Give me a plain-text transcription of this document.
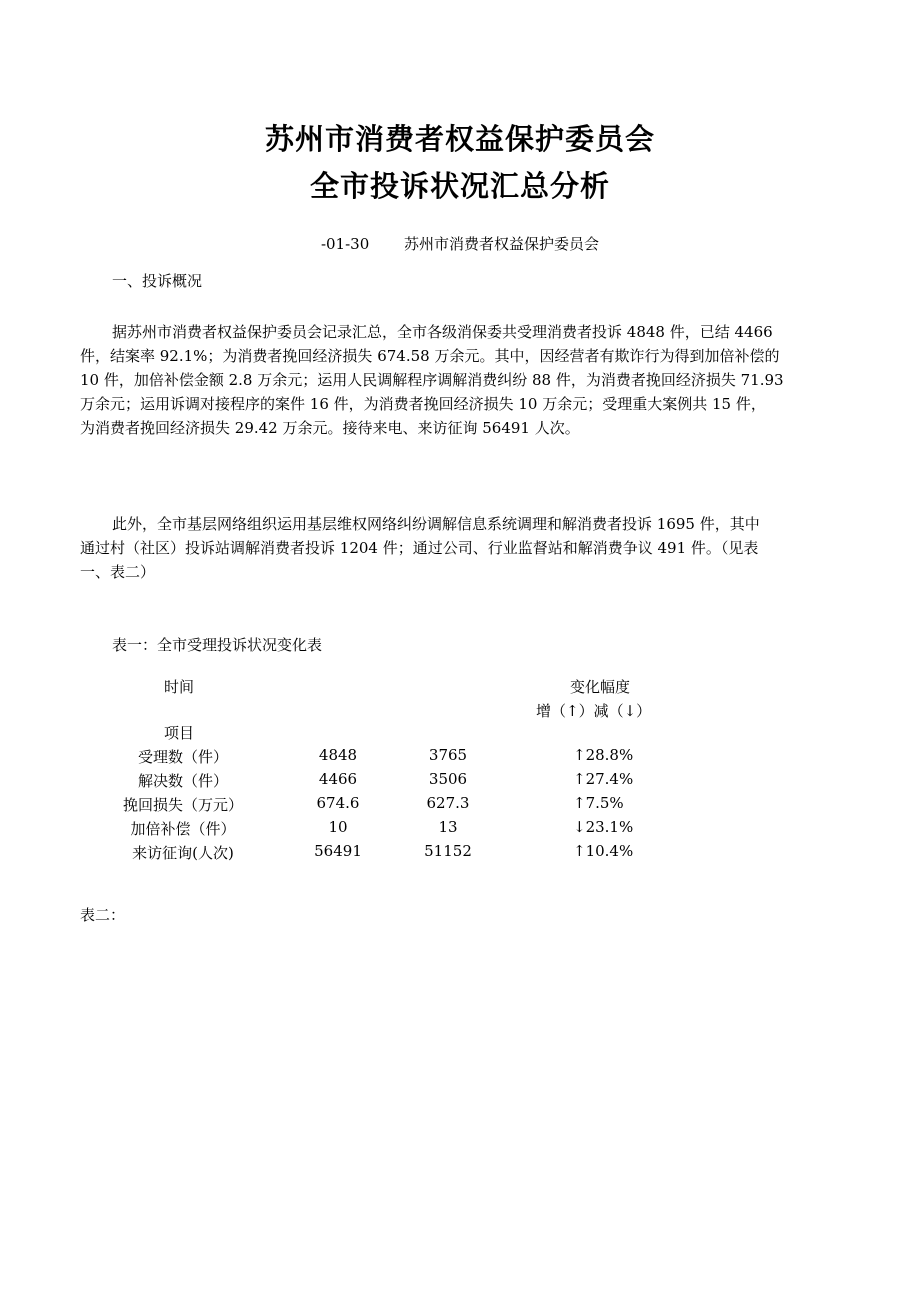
苏州市消费者权益保护委员会
全市投诉状况汇总分析
-01-30 苏州市消费者权益保护委员会
一、投诉概况
据苏州市消费者权益保护委员会记录汇总，全市各级消保委共受理消费者投诉 4848 件，已结 4466
件，结案率 92.1%；为消费者挽回经济损失 674.58 万余元。其中，因经营者有欺诈行为得到加倍补偿的
10 件，加倍补偿金额 2.8 万余元；运用人民调解程序调解消费纠纷 88 件，为消费者挽回经济损失 71.93
万余元；运用诉调对接程序的案件 16 件，为消费者挽回经济损失 10 万余元；受理重大案例共 15 件，
为消费者挽回经济损失 29.42 万余元。接待来电、来访征询 56491 人次。
此外，全市基层网络组织运用基层维权网络纠纷调解信息系统调理和解消费者投诉 1695 件，其中
通过村（社区）投诉站调解消费者投诉 1204 件；通过公司、行业监督站和解消费争议 491 件。（见表
一、表二）
表一：全市受理投诉状况变化表
时间	变化幅度
增（↑）减（↓）
项目
受理数（件）	4848	3765	↑28.8%
解决数（件）	4466	3506	↑27.4%
挽回损失（万元）	674.6	627.3	↑7.5%
加倍补偿（件）	10	13	↓23.1%
来访征询(人次)	56491	51152	↑10.4%
表二：
